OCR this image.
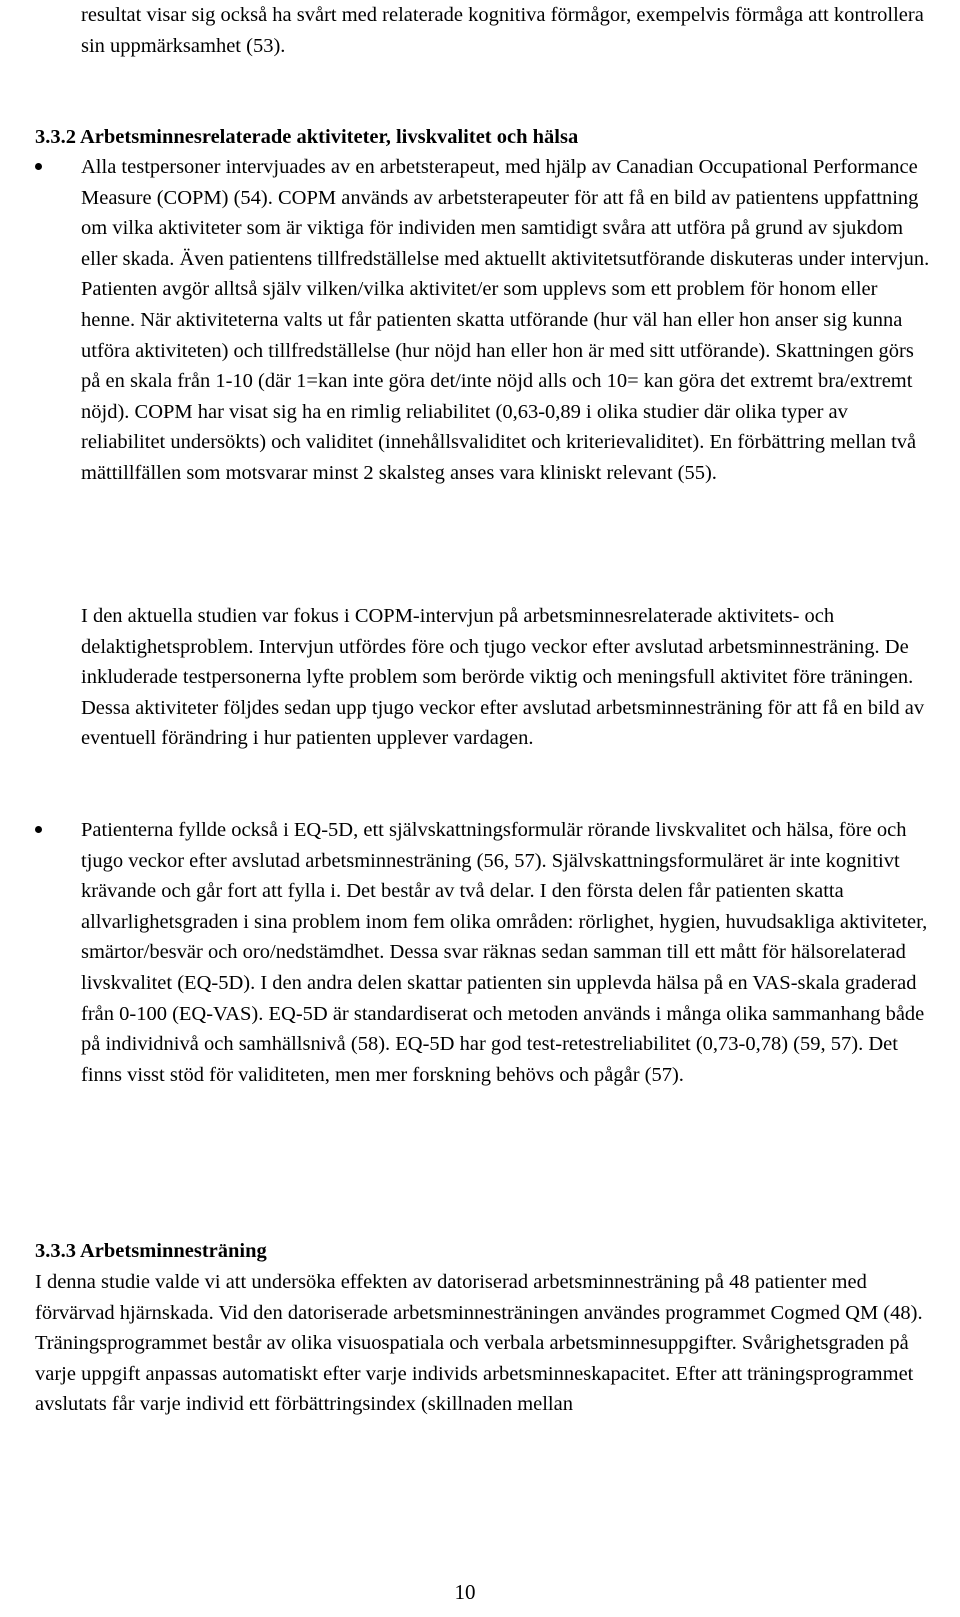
resultat visar sig också ha svårt med relaterade kognitiva förmågor, exempelvis förmåga att kontrollera sin uppmärksamhet (53).

3.3.2 Arbetsminnesrelaterade aktiviteter, livskvalitet och hälsa

Alla testpersoner intervjuades av en arbetsterapeut, med hjälp av Canadian Occupational Performance Measure (COPM) (54). COPM används av arbetsterapeuter för att få en bild av patientens uppfattning om vilka aktiviteter som är viktiga för individen men samtidigt svåra att utföra på grund av sjukdom eller skada. Även patientens tillfredställelse med aktuellt aktivitetsutförande diskuteras under intervjun. Patienten avgör alltså själv vilken/vilka aktivitet/er som upplevs som ett problem för honom eller henne. När aktiviteterna valts ut får patienten skatta utförande (hur väl han eller hon anser sig kunna utföra aktiviteten) och tillfredställelse (hur nöjd han eller hon är med sitt utförande). Skattningen görs på en skala från 1-10 (där 1=kan inte göra det/inte nöjd alls och 10= kan göra det extremt bra/extremt nöjd). COPM har visat sig ha en rimlig reliabilitet (0,63-0,89 i olika studier där olika typer av reliabilitet undersökts) och validitet (innehållsvaliditet och kriterievaliditet). En förbättring mellan två mättillfällen som motsvarar minst 2 skalsteg anses vara kliniskt relevant (55).

I den aktuella studien var fokus i COPM-intervjun på arbetsminnesrelaterade aktivitets- och delaktighetsproblem. Intervjun utfördes före och tjugo veckor efter avslutad arbetsminnesträning. De inkluderade testpersonerna lyfte problem som berörde viktig och meningsfull aktivitet före träningen. Dessa aktiviteter följdes sedan upp tjugo veckor efter avslutad arbetsminnesträning för att få en bild av eventuell förändring i hur patienten upplever vardagen.

Patienterna fyllde också i EQ-5D, ett självskattningsformulär rörande livskvalitet och hälsa, före och tjugo veckor efter avslutad arbetsminnesträning (56, 57). Självskattningsformuläret är inte kognitivt krävande och går fort att fylla i. Det består av två delar. I den första delen får patienten skatta allvarlighetsgraden i sina problem inom fem olika områden: rörlighet, hygien, huvudsakliga aktiviteter, smärtor/besvär och oro/nedstämdhet. Dessa svar räknas sedan samman till ett mått för hälsorelaterad livskvalitet (EQ-5D). I den andra delen skattar patienten sin upplevda hälsa på en VAS-skala graderad från 0-100 (EQ-VAS). EQ-5D är standardiserat och metoden används i många olika sammanhang både på individnivå och samhällsnivå (58). EQ-5D har god test-retestreliabilitet (0,73-0,78) (59, 57). Det finns visst stöd för validiteten, men mer forskning behövs och pågår (57).

3.3.3 Arbetsminnesträning

I denna studie valde vi att undersöka effekten av datoriserad arbetsminnesträning på 48 patienter med förvärvad hjärnskada. Vid den datoriserade arbetsminnesträningen användes programmet Cogmed QM (48). Träningsprogrammet består av olika visuospatiala och verbala arbetsminnesuppgifter. Svårighetsgraden på varje uppgift anpassas automatiskt efter varje individs arbetsminneskapacitet. Efter att träningsprogrammet avslutats får varje individ ett förbättringsindex (skillnaden mellan

10
